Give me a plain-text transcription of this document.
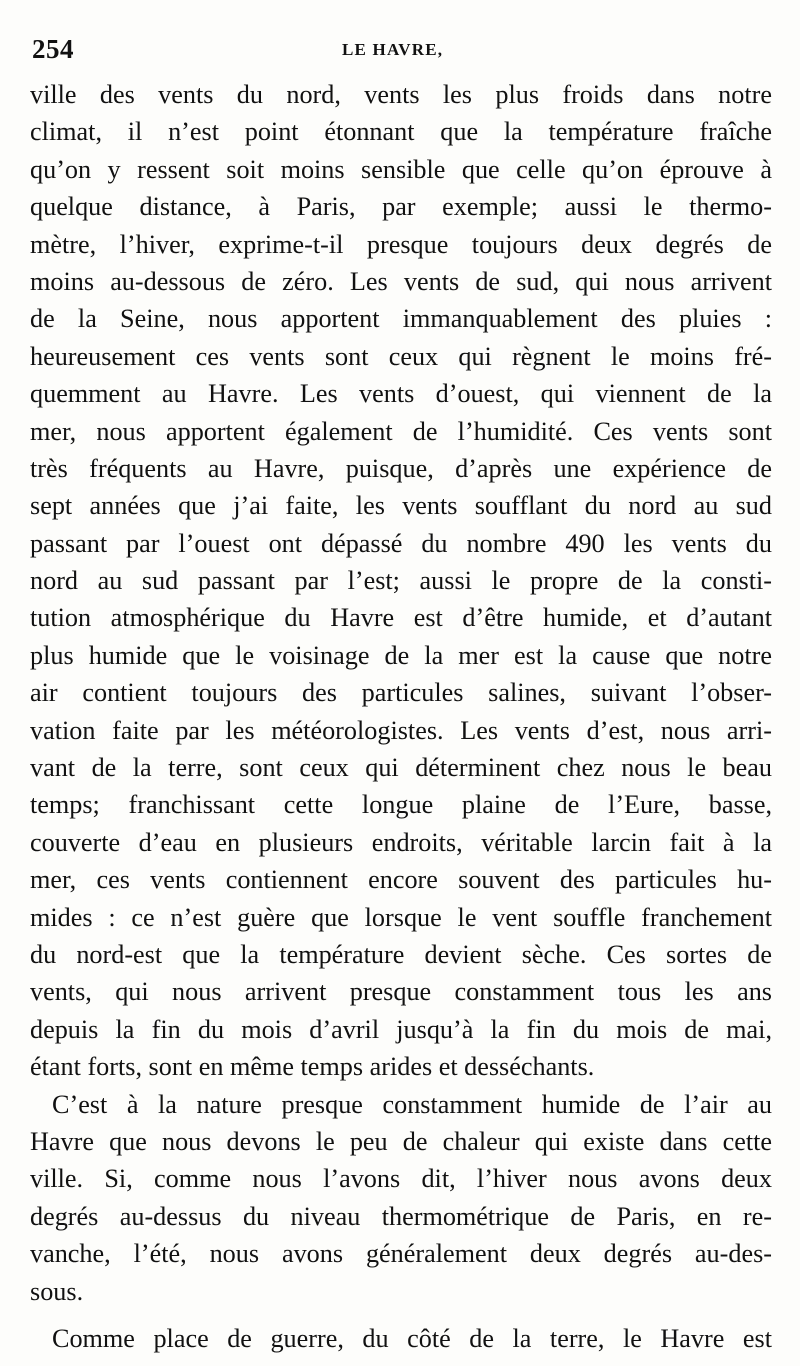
254	LE HAVRE,
ville des vents du nord, vents les plus froids dans notre
climat, il n’est point étonnant que la température fraîche
qu’on y ressent soit moins sensible que celle qu’on éprouve à
quelque distance, à Paris, par exemple; aussi le thermo-
mètre, l’hiver, exprime-t-il presque toujours deux degrés de
moins au-dessous de zéro. Les vents de sud, qui nous arrivent
de la Seine, nous apportent immanquablement des pluies :
heureusement ces vents sont ceux qui règnent le moins fré-
quemment au Havre. Les vents d’ouest, qui viennent de la
mer, nous apportent également de l’humidité. Ces vents sont
très fréquents au Havre, puisque, d’après une expérience de
sept années que j’ai faite, les vents soufflant du nord au sud
passant par l’ouest ont dépassé du nombre 490 les vents du
nord au sud passant par l’est; aussi le propre de la consti-
tution atmosphérique du Havre est d’être humide, et d’autant
plus humide que le voisinage de la mer est la cause que notre
air contient toujours des particules salines, suivant l’obser-
vation faite par les météorologistes. Les vents d’est, nous arri-
vant de la terre, sont ceux qui déterminent chez nous le beau
temps; franchissant cette longue plaine de l’Eure, basse,
couverte d’eau en plusieurs endroits, véritable larcin fait à la
mer, ces vents contiennent encore souvent des particules hu-
mides : ce n’est guère que lorsque le vent souffle franchement
du nord-est que la température devient sèche. Ces sortes de
vents, qui nous arrivent presque constamment tous les ans
depuis la fin du mois d’avril jusqu’à la fin du mois de mai,
étant forts, sont en même temps arides et desséchants.
C’est à la nature presque constamment humide de l’air au
Havre que nous devons le peu de chaleur qui existe dans cette
ville. Si, comme nous l’avons dit, l’hiver nous avons deux
degrés au-dessus du niveau thermométrique de Paris, en re-
vanche, l’été, nous avons généralement deux degrés au-des-
sous.
Comme place de guerre, du côté de la terre, le Havre est
